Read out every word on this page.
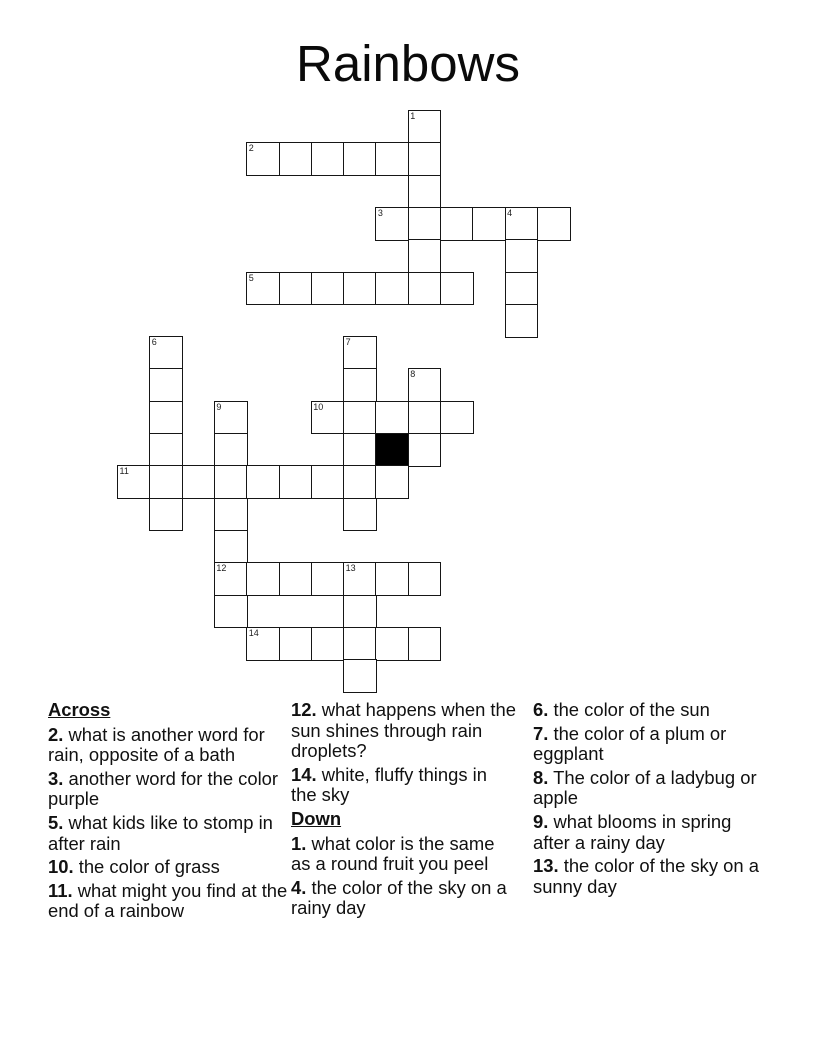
Rainbows
1
2
3	4
5
6	7
8
9	10
11
12	13
14
Across
2. what is another word for rain, opposite of a bath
3. another word for the color purple
5. what kids like to stomp in after rain
10. the color of grass
11. what might you find at the end of a rainbow
12. what happens when the sun shines through rain droplets?
14. white, fluffy things in the sky
Down
1. what color is the same as a round fruit you peel
4. the color of the sky on a rainy day
6. the color of the sun
7. the color of a plum or eggplant
8. The color of a ladybug or apple
9. what blooms in spring after a rainy day
13. the color of the sky on a sunny day
